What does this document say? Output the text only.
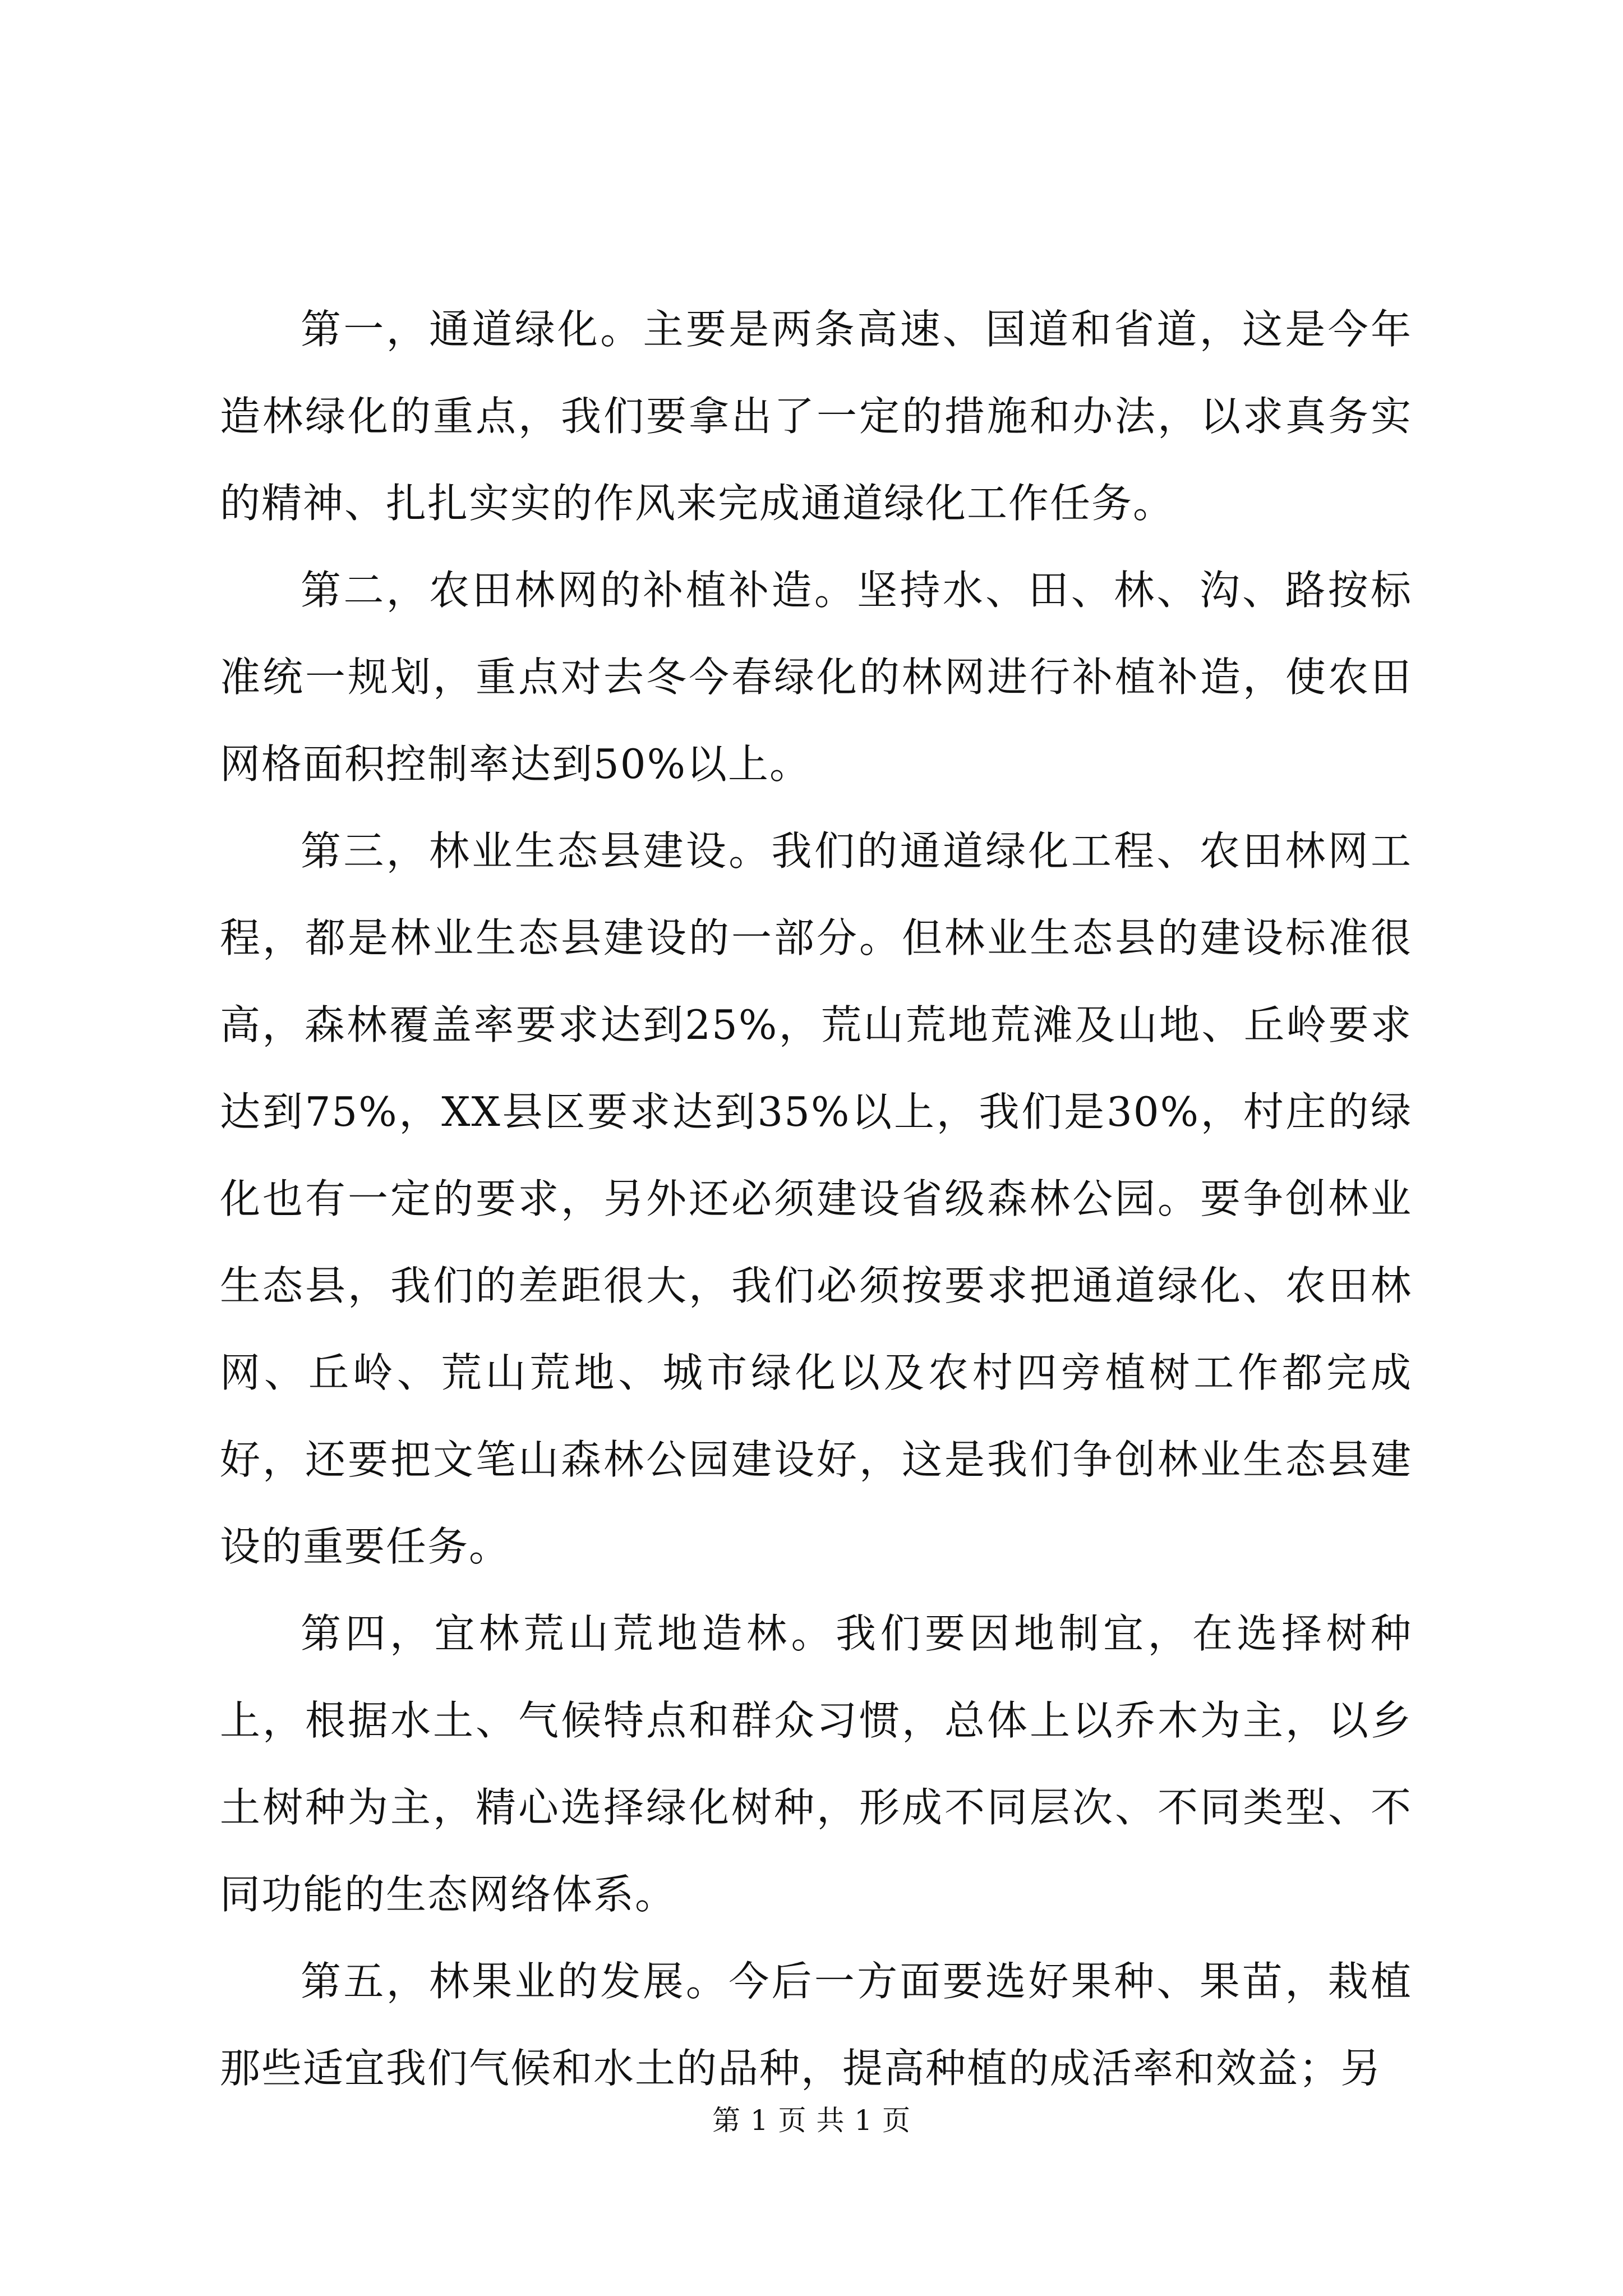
第一，通道绿化。主要是两条高速、国道和省道，这是今年造林绿化的重点，我们要拿出了一定的措施和办法，以求真务实的精神、扎扎实实的作风来完成通道绿化工作任务。

第二，农田林网的补植补造。坚持水、田、林、沟、路按标准统一规划，重点对去冬今春绿化的林网进行补植补造，使农田网格面积控制率达到50%以上。

第三，林业生态县建设。我们的通道绿化工程、农田林网工程，都是林业生态县建设的一部分。但林业生态县的建设标准很高，森林覆盖率要求达到25%，荒山荒地荒滩及山地、丘岭要求达到75%，XX县区要求达到35%以上，我们是30%，村庄的绿化也有一定的要求，另外还必须建设省级森林公园。要争创林业生态县，我们的差距很大，我们必须按要求把通道绿化、农田林网、丘岭、荒山荒地、城市绿化以及农村四旁植树工作都完成好，还要把文笔山森林公园建设好，这是我们争创林业生态县建设的重要任务。

第四，宜林荒山荒地造林。我们要因地制宜，在选择树种上，根据水土、气候特点和群众习惯，总体上以乔木为主，以乡土树种为主，精心选择绿化树种，形成不同层次、不同类型、不同功能的生态网络体系。

第五，林果业的发展。今后一方面要选好果种、果苗，栽植那些适宜我们气候和水土的品种，提高种植的成活率和效益；另

第 1 页 共 1 页
